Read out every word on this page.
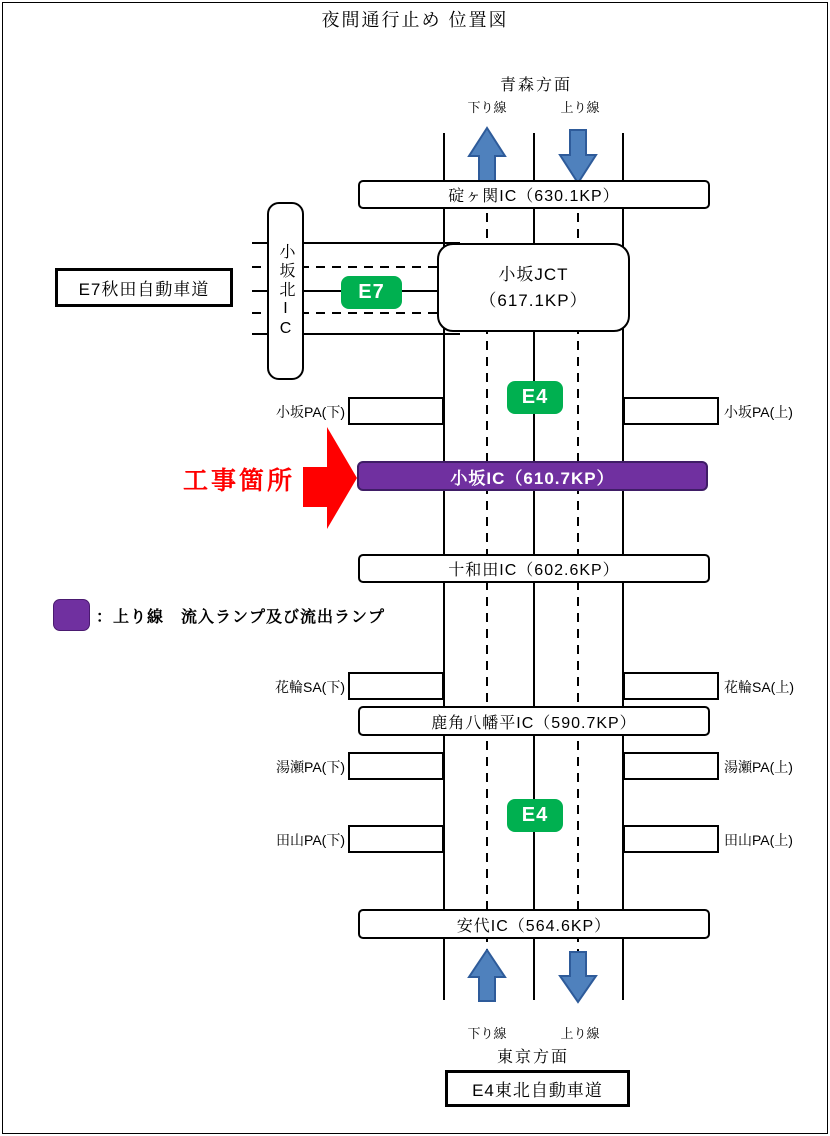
夜間通行止め 位置図
青森方面
下り線	上り線
碇ヶ関IC（630.1KP）
小坂JCT
（617.1KP）
小坂北IC
E7秋田自動車道	E7
E4
小坂PA(下)	小坂PA(上)
工事箇所	小坂IC（610.7KP）
十和田IC（602.6KP）
：上り線　流入ランプ及び流出ランプ
花輪SA(下)	花輪SA(上)
鹿角八幡平IC（590.7KP）
湯瀬PA(下)	湯瀬PA(上)
E4
田山PA(下)	田山PA(上)
安代IC（564.6KP）
下り線	上り線
東京方面
E4東北自動車道
